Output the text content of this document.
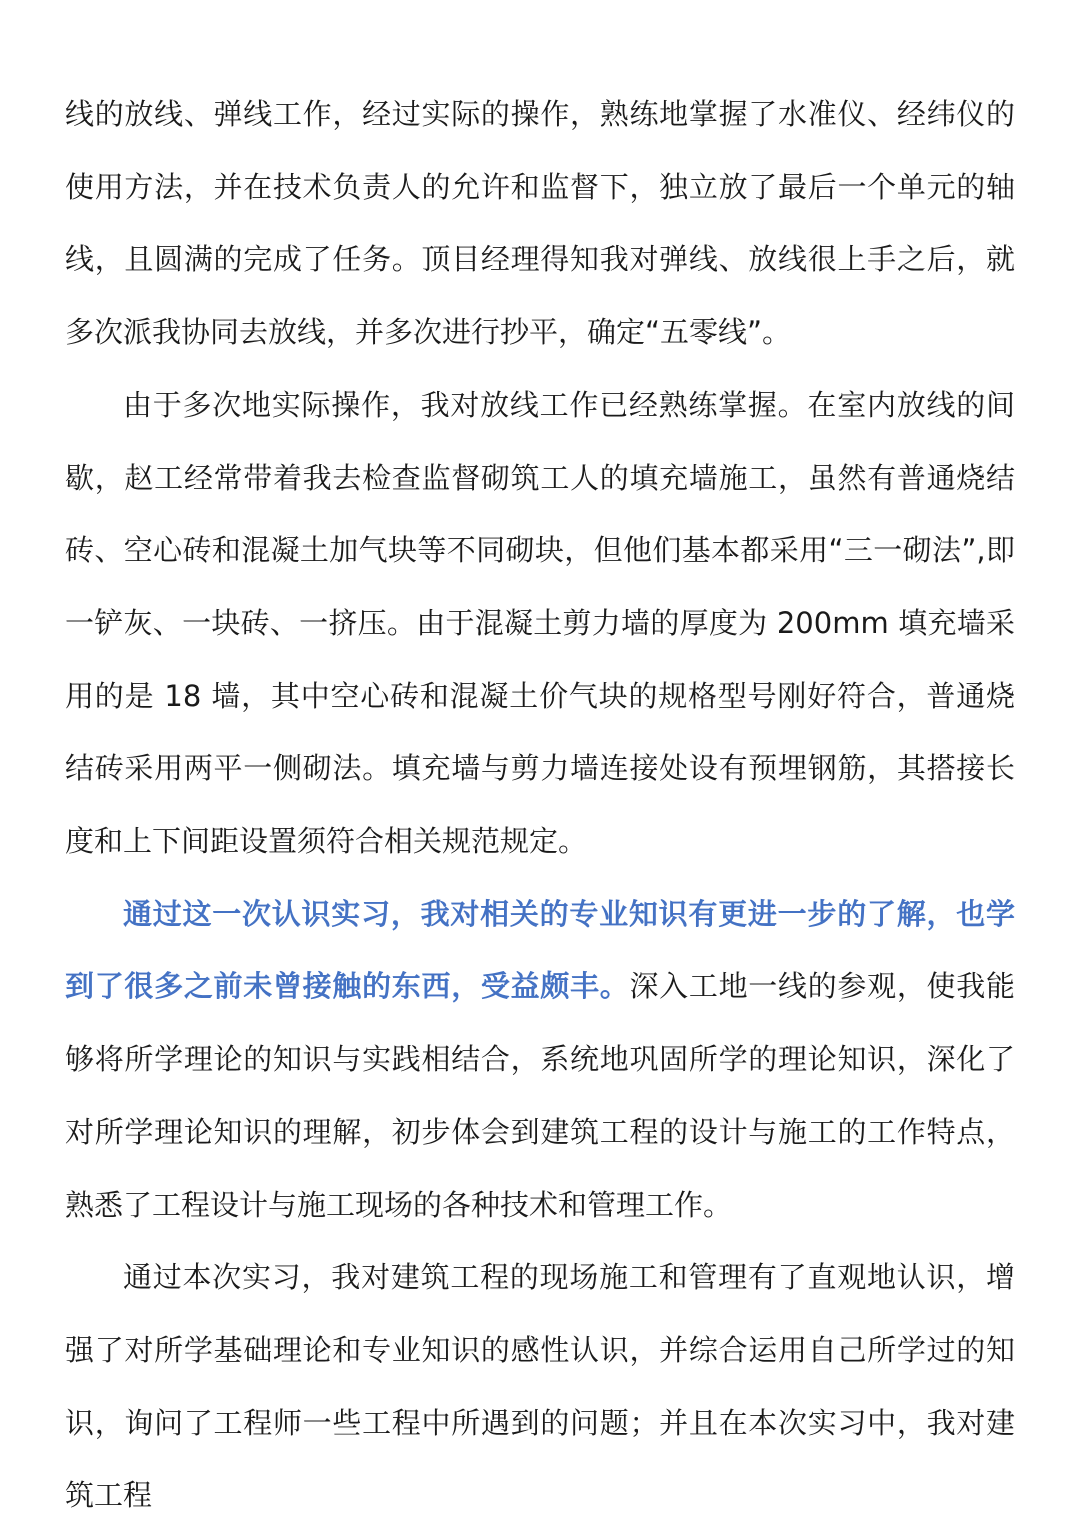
线的放线、弹线工作，经过实际的操作，熟练地掌握了水准仪、经纬仪的使用方法，并在技术负责人的允许和监督下，独立放了最后一个单元的轴线，且圆满的完成了任务。顶目经理得知我对弹线、放线很上手之后，就多次派我协同去放线，并多次进行抄平，确定“五零线”。

由于多次地实际操作，我对放线工作已经熟练掌握。在室内放线的间歇，赵工经常带着我去检查监督砌筑工人的填充墙施工，虽然有普通烧结砖、空心砖和混凝土加气块等不同砌块，但他们基本都采用“三一砌法”,即一铲灰、一块砖、一挤压。由于混凝土剪力墙的厚度为 200mm 填充墙采用的是 18 墙，其中空心砖和混凝土价气块的规格型号刚好符合，普通烧结砖采用两平一侧砌法。填充墙与剪力墙连接处设有预埋钢筋，其搭接长度和上下间距设置须符合相关规范规定。

通过这一次认识实习，我对相关的专业知识有更进一步的了解，也学到了很多之前未曾接触的东西，受益颇丰。深入工地一线的参观，使我能够将所学理论的知识与实践相结合，系统地巩固所学的理论知识，深化了对所学理论知识的理解，初步体会到建筑工程的设计与施工的工作特点，熟悉了工程设计与施工现场的各种技术和管理工作。

通过本次实习，我对建筑工程的现场施工和管理有了直观地认识，增强了对所学基础理论和专业知识的感性认识，并综合运用自己所学过的知识，询问了工程师一些工程中所遇到的问题；并且在本次实习中，我对建筑工程
